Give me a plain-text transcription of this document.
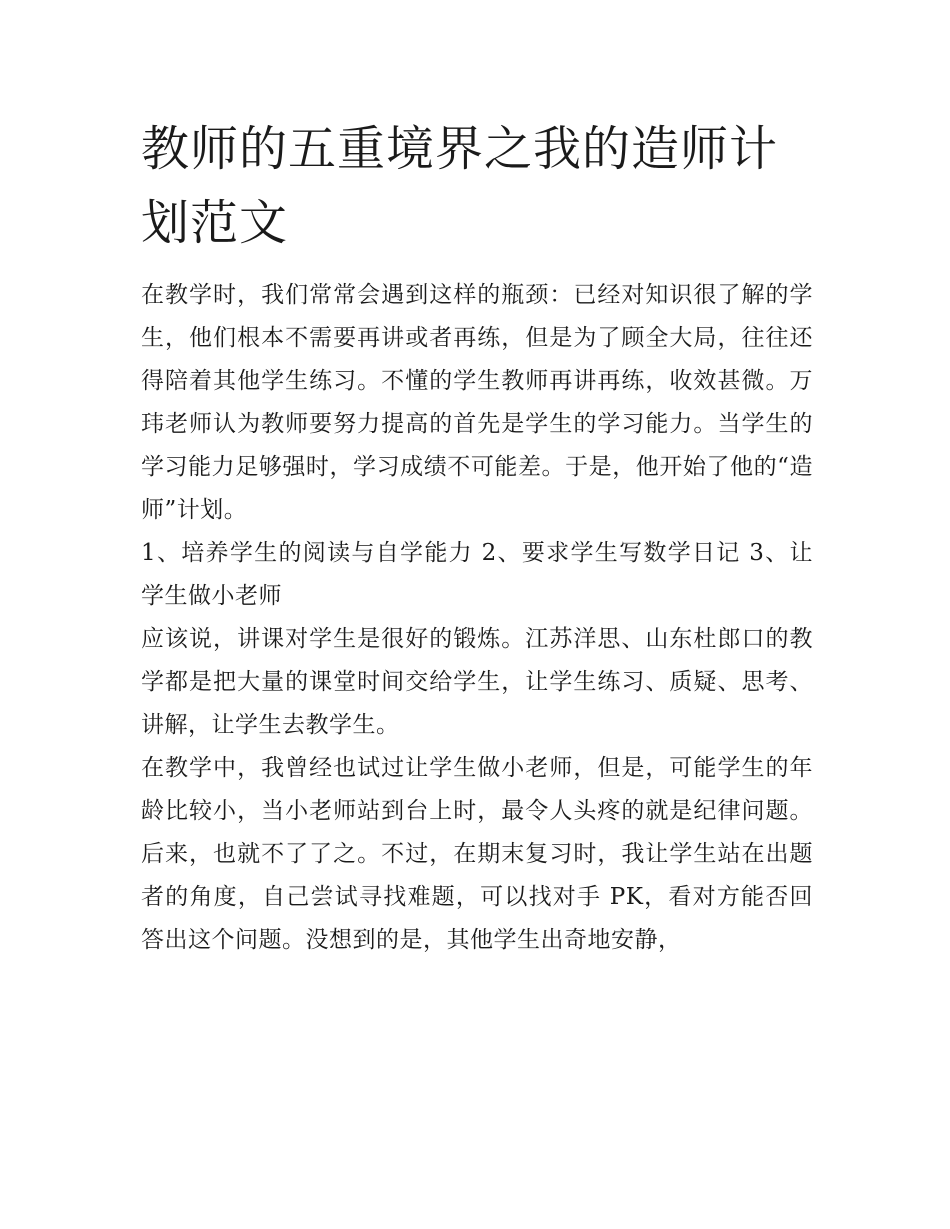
教师的五重境界之我的造师计划范文

在教学时，我们常常会遇到这样的瓶颈：已经对知识很了解的学生，他们根本不需要再讲或者再练，但是为了顾全大局，往往还得陪着其他学生练习。不懂的学生教师再讲再练，收效甚微。万玮老师认为教师要努力提高的首先是学生的学习能力。当学生的学习能力足够强时，学习成绩不可能差。于是，他开始了他的“造师”计划。

1、培养学生的阅读与自学能力 2、要求学生写数学日记 3、让学生做小老师

应该说，讲课对学生是很好的锻炼。江苏洋思、山东杜郎口的教学都是把大量的课堂时间交给学生，让学生练习、质疑、思考、讲解，让学生去教学生。

在教学中，我曾经也试过让学生做小老师，但是，可能学生的年龄比较小，当小老师站到台上时，最令人头疼的就是纪律问题。后来，也就不了了之。不过，在期末复习时，我让学生站在出题者的角度，自己尝试寻找难题，可以找对手 PK，看对方能否回答出这个问题。没想到的是，其他学生出奇地安静，
